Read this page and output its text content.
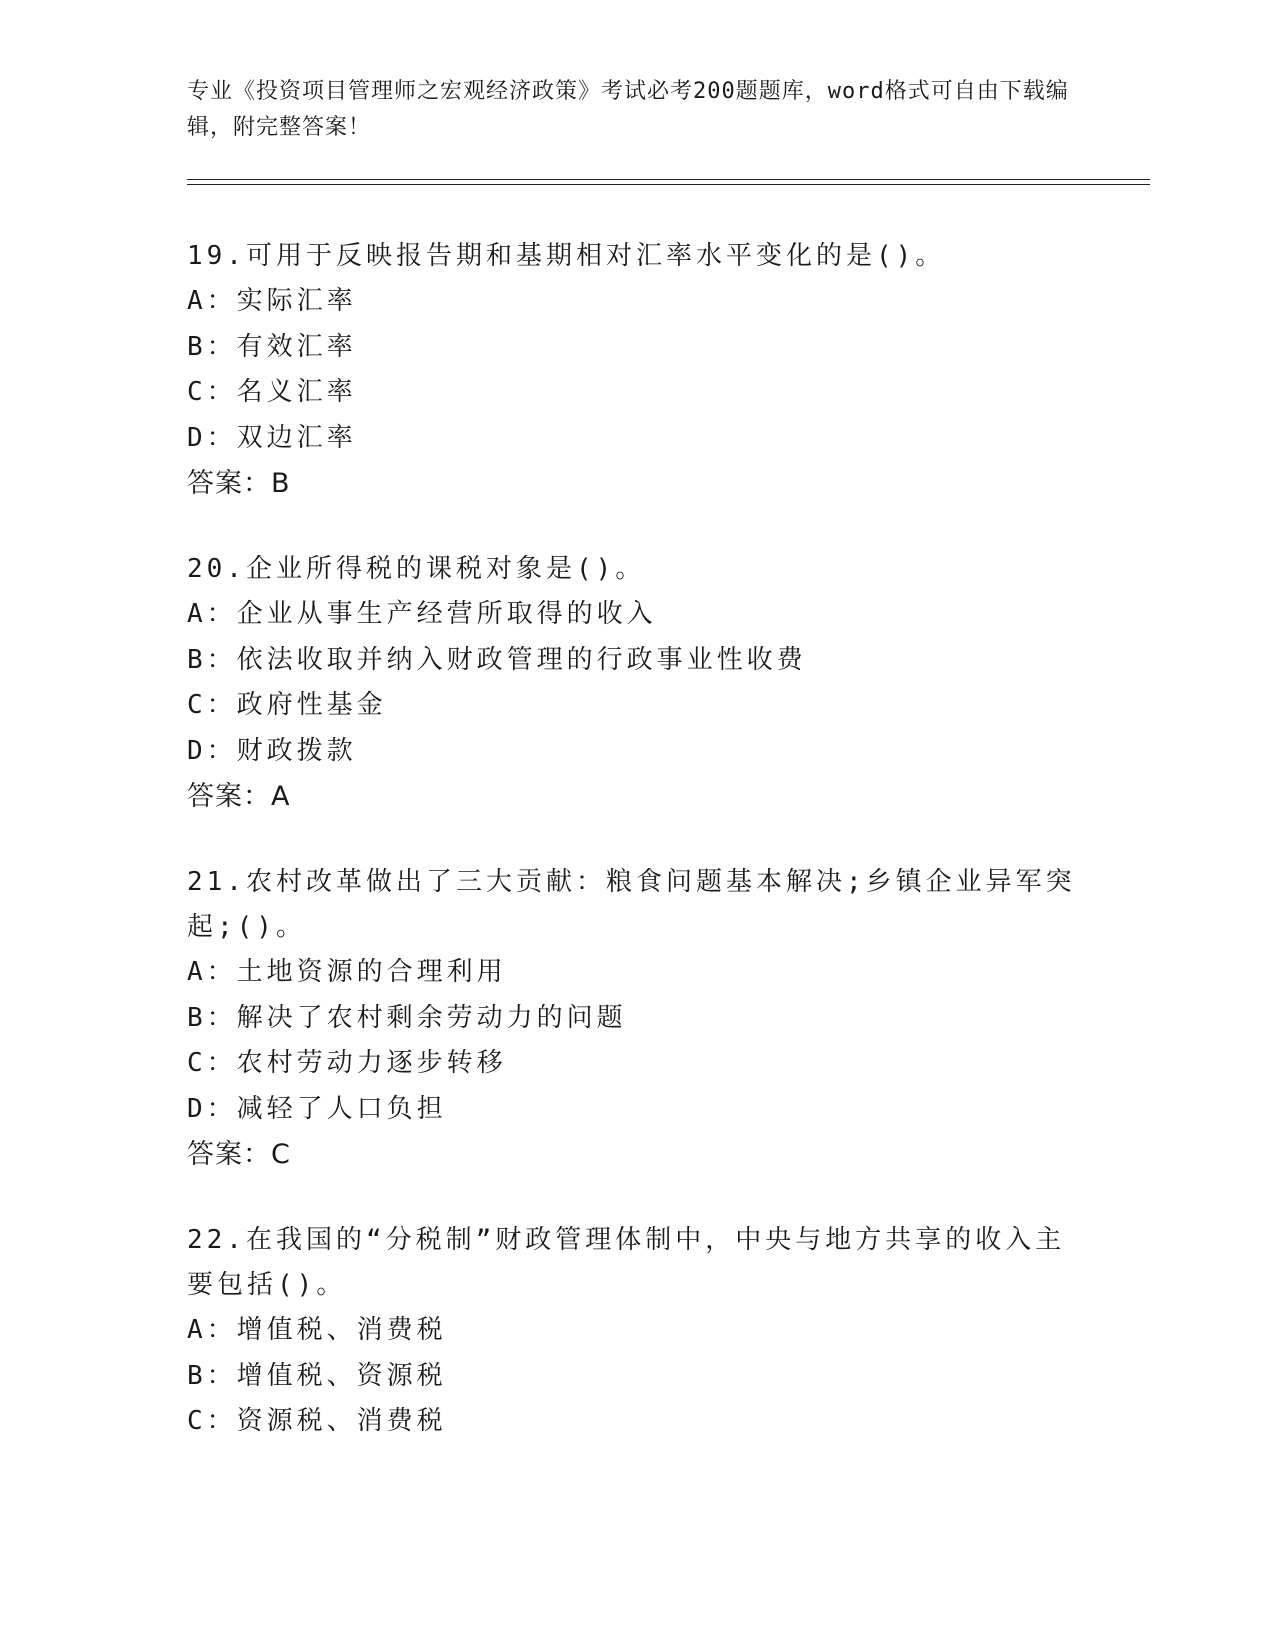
专业《投资项目管理师之宏观经济政策》考试必考200题题库，word格式可自由下载编辑，附完整答案！
19.可用于反映报告期和基期相对汇率水平变化的是()。
A：实际汇率
B：有效汇率
C：名义汇率
D：双边汇率
答案：B
20.企业所得税的课税对象是()。
A：企业从事生产经营所取得的收入
B：依法收取并纳入财政管理的行政事业性收费
C：政府性基金
D：财政拨款
答案：A
21.农村改革做出了三大贡献：粮食问题基本解决;乡镇企业异军突起;()。
A：土地资源的合理利用
B：解决了农村剩余劳动力的问题
C：农村劳动力逐步转移
D：减轻了人口负担
答案：C
22.在我国的“分税制”财政管理体制中，中央与地方共享的收入主要包括()。
A：增值税、消费税
B：增值税、资源税
C：资源税、消费税
